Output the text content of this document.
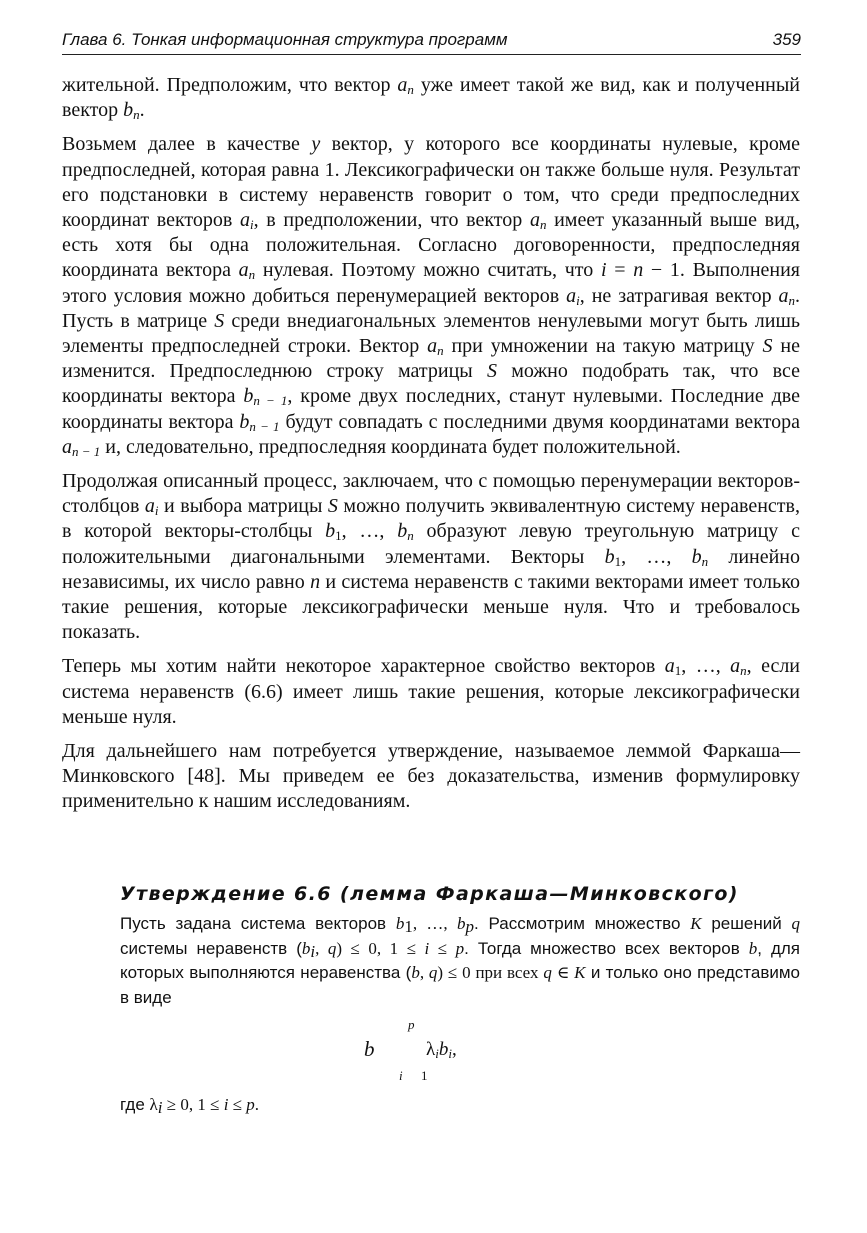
Глава 6. Тонкая информационная структура программ	359

жительной. Предположим, что вектор $a_n$ уже имеет такой же вид, как и полученный вектор $b_n$.

Возьмем далее в качестве y вектор, у которого все координаты нулевые, кроме предпоследней, которая равна 1. Лексикографически он также больше нуля. Результат его подстановки в систему неравенств говорит о том, что среди предпоследних координат векторов $a_i$, в предположении, что вектор $a_n$ имеет указанный выше вид, есть хотя бы одна положительная. Согласно договоренности, предпоследняя координата вектора $a_n$ нулевая. Поэтому можно считать, что i = n − 1. Выполнения этого условия можно добиться перенумерацией векторов $a_i$, не затрагивая вектор $a_n$. Пусть в матрице S среди внедиагональных элементов ненулевыми могут быть лишь элементы предпоследней строки. Вектор $a_n$ при умножении на такую матрицу S не изменится. Предпоследнюю строку матрицы S можно подобрать так, что все координаты вектора $b_{n - 1}$, кроме двух последних, станут нулевыми. Последние две координаты вектора $b_{n - 1}$ будут совпадать с последними двумя координатами вектора $a_{n - 1}$ и, следовательно, предпоследняя координата будет положительной.

Продолжая описанный процесс, заключаем, что с помощью перенумерации векторов-столбцов $a_i$ и выбора матрицы S можно получить эквивалентную систему неравенств, в которой векторы-столбцы $b_1$, …, $b_n$ образуют левую треугольную матрицу с положительными диагональными элементами. Векторы $b_1$, …, $b_n$ линейно независимы, их число равно n и система неравенств с такими векторами имеет только такие решения, которые лексикографически меньше нуля. Что и требовалось показать.

Теперь мы хотим найти некоторое характерное свойство векторов $a_1$, …, $a_n$, если система неравенств (6.6) имеет лишь такие решения, которые лексикографически меньше нуля.

Для дальнейшего нам потребуется утверждение, называемое леммой Фаркаша—Минковского [48]. Мы приведем ее без доказательства, изменив формулировку применительно к нашим исследованиям.

Утверждение 6.6 (лемма Фаркаша—Минковского)

Пусть задана система векторов $b_1$, …, $b_p$. Рассмотрим множество K решений q системы неравенств ($b_i$, q) ≤ 0, 1 ≤ i ≤ p. Тогда множество всех векторов b, для которых выполняются неравенства (b, q) ≤ 0 при всех q ∈ K и только оно представимо в виде

b
p
i 1
$\lambda_ib_i$,
где $\lambda_i \ge 0$, 1 ≤ i ≤ p.
